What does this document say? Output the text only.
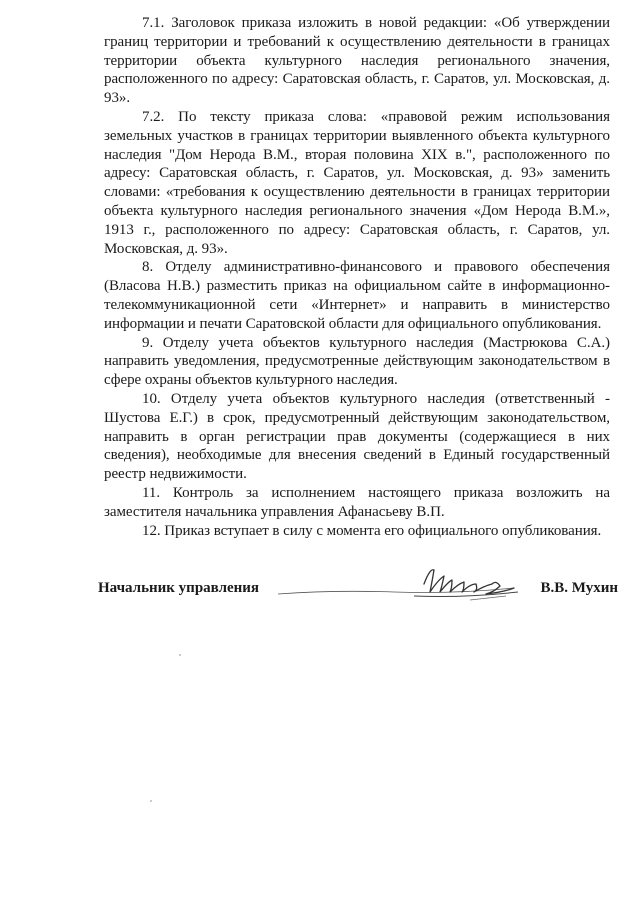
7.1. Заголовок приказа изложить в новой редакции: «Об утверждении границ территории и требований к осуществлению деятельности в границах территории объекта культурного наследия регионального значения, расположенного по адресу: Саратовская область, г. Саратов, ул. Московская, д. 93».

7.2. По тексту приказа слова: «правовой режим использования земельных участков в границах территории выявленного объекта культурного наследия "Дом Нерода В.М., вторая половина XIX в.", расположенного по адресу: Саратовская область, г. Саратов, ул. Московская, д. 93» заменить словами: «требования к осуществлению деятельности в границах территории объекта культурного наследия регионального значения «Дом Нерода В.М.», 1913 г., расположенного по адресу: Саратовская область, г. Саратов, ул. Московская, д. 93».

8. Отделу административно-финансового и правового обеспечения (Власова Н.В.) разместить приказ на официальном сайте в информационно-телекоммуникационной сети «Интернет» и направить в министерство информации и печати Саратовской области для официального опубликования.

9. Отделу учета объектов культурного наследия (Мастрюкова С.А.) направить уведомления, предусмотренные действующим законодательством в сфере охраны объектов культурного наследия.

10. Отделу учета объектов культурного наследия (ответственный - Шустова Е.Г.) в срок, предусмотренный действующим законодательством, направить в орган регистрации прав документы (содержащиеся в них сведения), необходимые для внесения сведений в Единый государственный реестр недвижимости.

11. Контроль за исполнением настоящего приказа возложить на заместителя начальника управления Афанасьеву В.П.

12. Приказ вступает в силу с момента его официального опубликования.

Начальник управления	В.В. Мухин
